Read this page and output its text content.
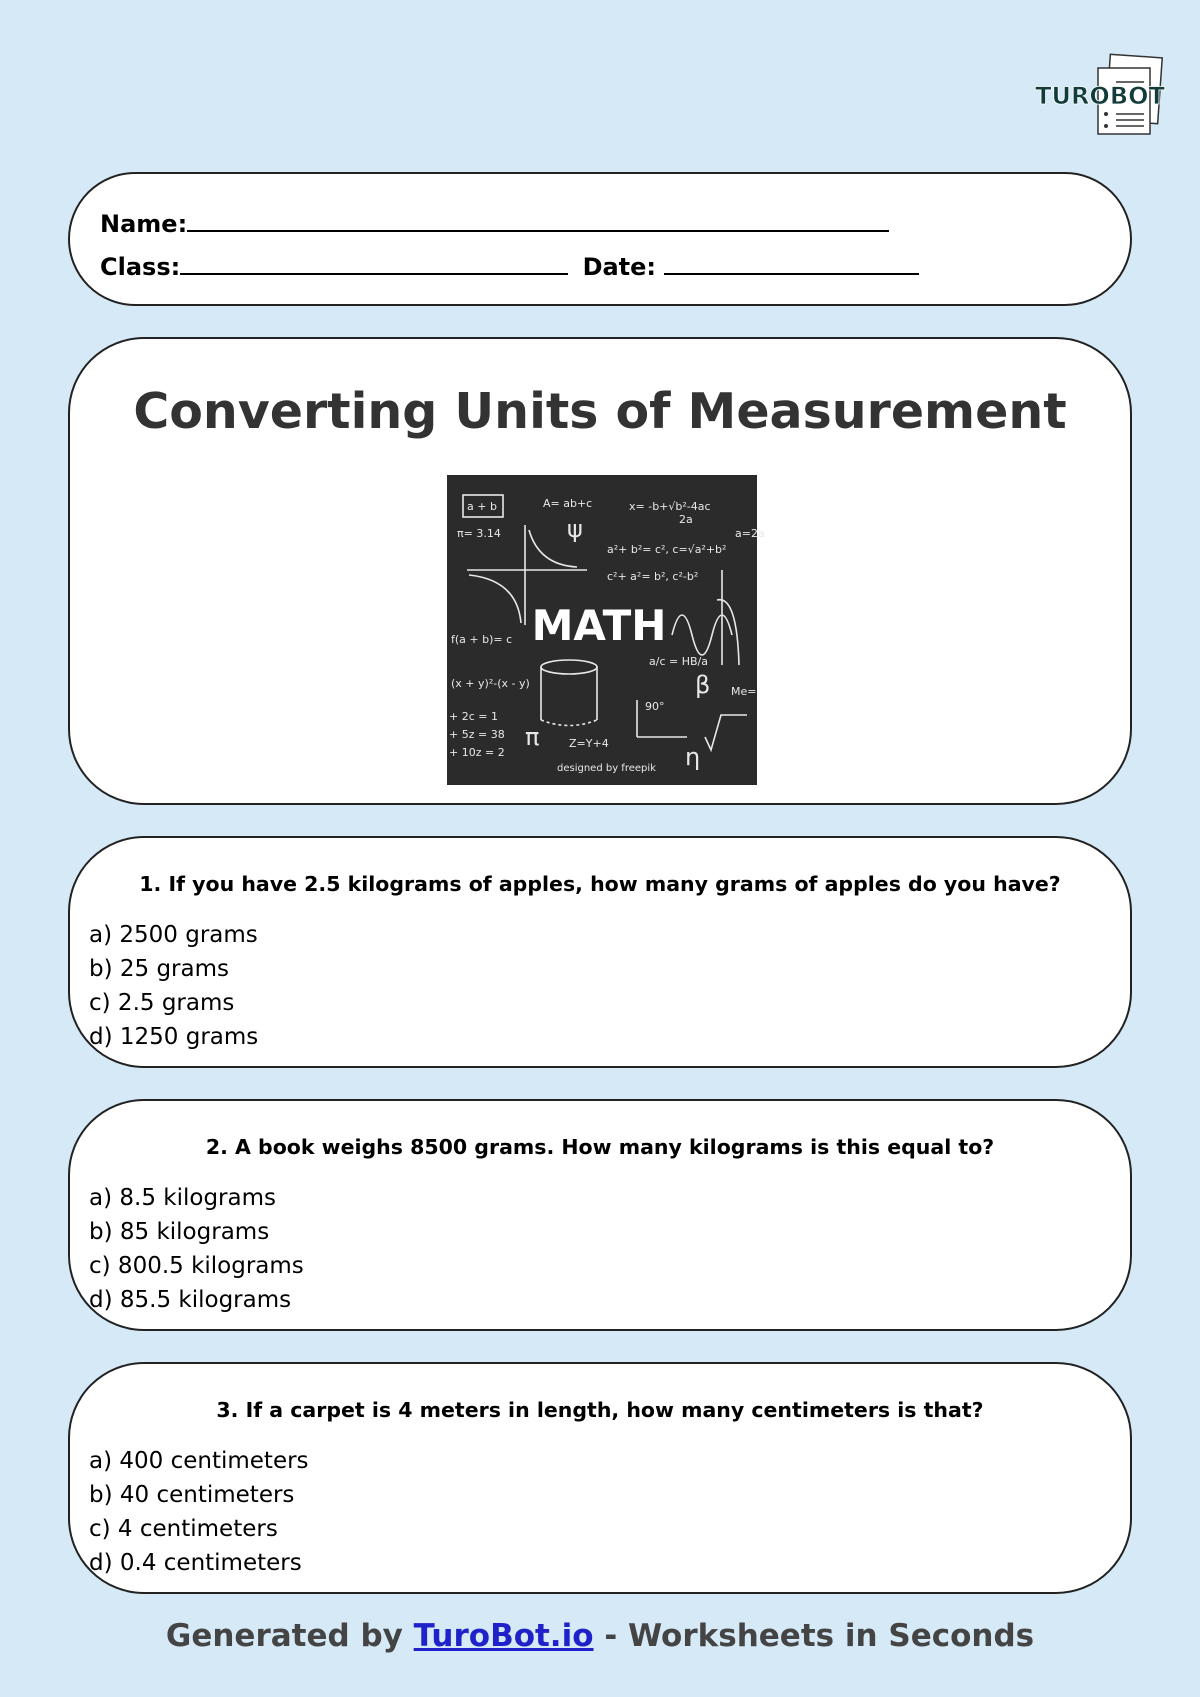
TUROBOT
Name:
Class:	Date:
Converting Units of Measurement
a + b
π= 3.14
A= ab+c	x= -b+√b²-4ac
2a
a²+ b²= c², c=√a²+b²
c²+ a²= b², c²-b²
f(a + b)= c
(x + y)²-(x - y)
+ 2c = 1
+ 5z = 38
+ 10z = 2
Z=Y+4
90°
a/c = HB/a
Me=
a=2a
π
β
η
ψ
designed by freepik
MATH
1. If you have 2.5 kilograms of apples, how many grams of apples do you have?
a) 2500 grams
b) 25 grams
c) 2.5 grams
d) 1250 grams
2. A book weighs 8500 grams. How many kilograms is this equal to?
a) 8.5 kilograms
b) 85 kilograms
c) 800.5 kilograms
d) 85.5 kilograms
3. If a carpet is 4 meters in length, how many centimeters is that?
a) 400 centimeters
b) 40 centimeters
c) 4 centimeters
d) 0.4 centimeters
Generated by TuroBot.io - Worksheets in Seconds
